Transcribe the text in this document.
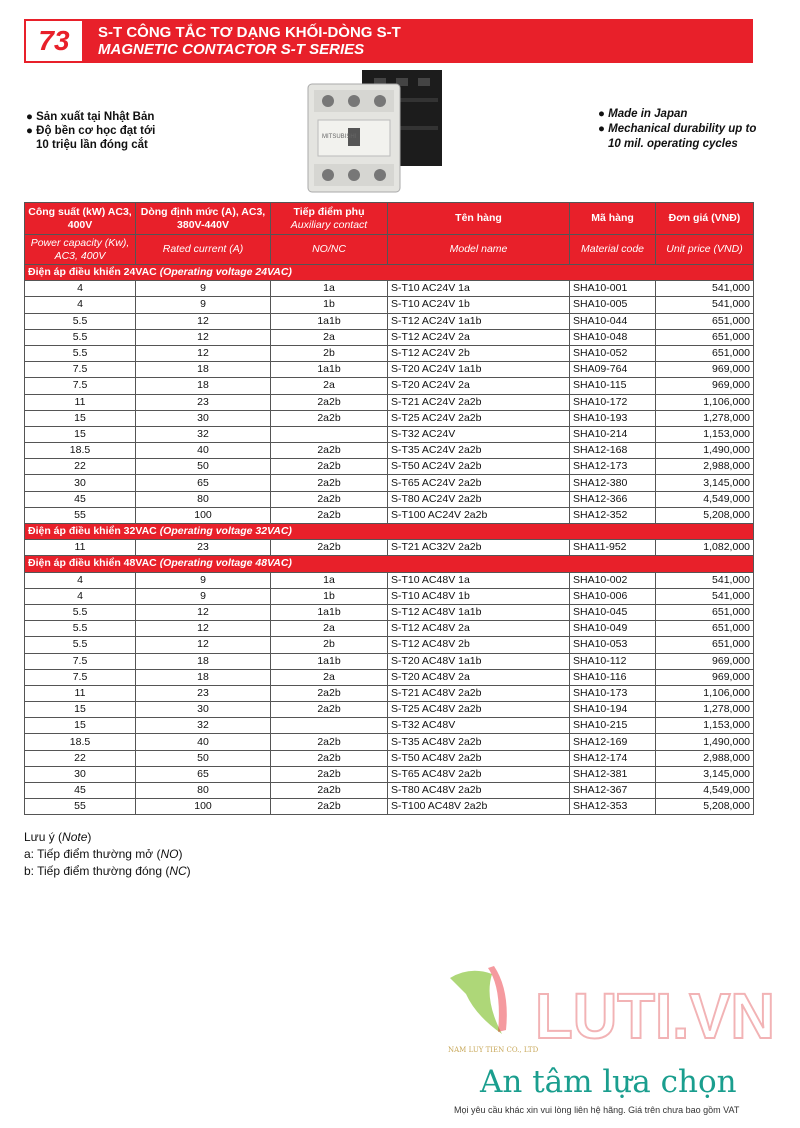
73	S-T CÔNG TẮC TƠ DẠNG KHỐI-DÒNG S-T
MAGNETIC CONTACTOR S-T SERIES
● Sản xuất tại Nhật Bản
● Độ bền cơ học đạt tới
10 triệu lần đóng cắt
● Made in Japan
● Mechanical durability up to
10 mil. operating cycles
MITSUBISHI
Công suất (kW) AC3, 400V	Dòng định mức (A), AC3, 380V-440V	Tiếp điểm phụ
Auxiliary contact	Tên hàng	Mã hàng	Đơn giá (VNĐ)
Power capacity (Kw), AC3, 400V	Rated current (A)	NO/NC	Model name	Material code	Unit price (VND)
Điện áp điều khiển 24VAC (Operating voltage 24VAC)					
4	9	1a	S-T10 AC24V 1a	SHA10-001	541,000
4	9	1b	S-T10 AC24V 1b	SHA10-005	541,000
5.5	12	1a1b	S-T12 AC24V 1a1b	SHA10-044	651,000
5.5	12	2a	S-T12 AC24V 2a	SHA10-048	651,000
5.5	12	2b	S-T12 AC24V 2b	SHA10-052	651,000
7.5	18	1a1b	S-T20 AC24V 1a1b	SHA09-764	969,000
7.5	18	2a	S-T20 AC24V 2a	SHA10-115	969,000
11	23	2a2b	S-T21 AC24V 2a2b	SHA10-172	1,106,000
15	30	2a2b	S-T25 AC24V 2a2b	SHA10-193	1,278,000
15	32		S-T32 AC24V	SHA10-214	1,153,000
18.5	40	2a2b	S-T35 AC24V 2a2b	SHA12-168	1,490,000
22	50	2a2b	S-T50 AC24V 2a2b	SHA12-173	2,988,000
30	65	2a2b	S-T65 AC24V 2a2b	SHA12-380	3,145,000
45	80	2a2b	S-T80 AC24V 2a2b	SHA12-366	4,549,000
55	100	2a2b	S-T100 AC24V 2a2b	SHA12-352	5,208,000
Điện áp điều khiển 32VAC (Operating voltage 32VAC)					
11	23	2a2b	S-T21 AC32V 2a2b	SHA11-952	1,082,000
Điện áp điều khiển 48VAC (Operating voltage 48VAC)					
4	9	1a	S-T10 AC48V 1a	SHA10-002	541,000
4	9	1b	S-T10 AC48V 1b	SHA10-006	541,000
5.5	12	1a1b	S-T12 AC48V 1a1b	SHA10-045	651,000
5.5	12	2a	S-T12 AC48V 2a	SHA10-049	651,000
5.5	12	2b	S-T12 AC48V 2b	SHA10-053	651,000
7.5	18	1a1b	S-T20 AC48V 1a1b	SHA10-112	969,000
7.5	18	2a	S-T20 AC48V 2a	SHA10-116	969,000
11	23	2a2b	S-T21 AC48V 2a2b	SHA10-173	1,106,000
15	30	2a2b	S-T25 AC48V 2a2b	SHA10-194	1,278,000
15	32		S-T32 AC48V	SHA10-215	1,153,000
18.5	40	2a2b	S-T35 AC48V 2a2b	SHA12-169	1,490,000
22	50	2a2b	S-T50 AC48V 2a2b	SHA12-174	2,988,000
30	65	2a2b	S-T65 AC48V 2a2b	SHA12-381	3,145,000
45	80	2a2b	S-T80 AC48V 2a2b	SHA12-367	4,549,000
55	100	2a2b	S-T100 AC48V 2a2b	SHA12-353	5,208,000
Lưu ý (Note)
a: Tiếp điểm thường mở (NO)
b: Tiếp điểm thường đóng (NC)
NAM LUY TIEN CO., LTD
LUTI.VN
An tâm lựa chọn
Mọi yêu cầu khác xin vui lòng liên hệ hãng. Giá trên chưa bao gồm VAT
